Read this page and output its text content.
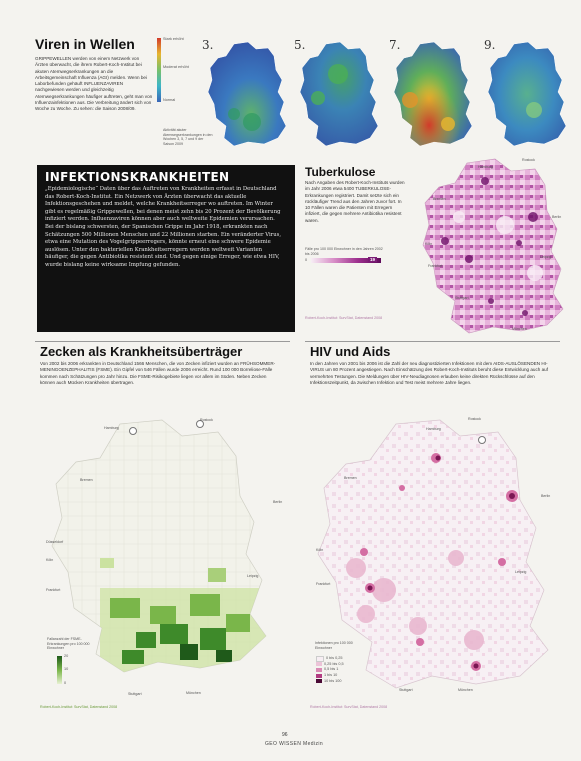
Viren in Wellen
GRIPPEWELLEN werden von einem Netzwerk von Ärzten überwacht, die ihrem Robert-Koch-Institut bei akuten Atemwegserkrankungen an die Arbeitsgemeinschaft Influenza (AGI) melden. Wenn bei Laborbefunden gehäuft INFLUENZAVIREN nachgewiesen werden und gleichzeitig Atemwegserkrankungen häufiger auftreten, geht man von Influenzainfektionen aus. Die Verbreitung ändert sich von Woche zu Woche. Zu sehen: die Saison 2008/09.
Stark erhöht
Moderat erhöht
Normal
Aktivität akuter Atemwegserkrankungen in den Wochen 3, 5, 7 und 9 der Saison 2009
3.	5.	7.	9.
INFEKTIONSKRANKHEITEN
„Epidemiologische“ Daten über das Auftreten von Krankheiten erfasst in Deutschland das Robert-Koch-Institut. Ein Netzwerk von Ärzten überwacht das aktuelle Infektionsgeschehen und meldet, welche Krankheitserreger wo auftreten. Im Winter gibt es regelmäßig Grippewellen, bei denen meist zehn bis 20 Prozent der Bevölkerung infiziert werden. Influenzaviren können aber auch weltweite Epidemien verursachen. Bei der bislang schwersten, der Spanischen Grippe im Jahr 1918, erkrankten nach Schätzungen 500 Millionen Menschen und 22 Millionen starben. Ein veränderter Virus, etwa eine Mutation des Vogelgrippeerregers, könnte erneut eine schwere Epidemie auslösen. Unter den bakteriellen Krankheitserregern werden weltweit Varianten häufiger, die gegen Antibiotika resistent sind. Und gegen einige Erreger, wie etwa HIV, wurde bislang keine wirksame Impfung gefunden.
Tuberkulose
Nach Angaben des Robert-Koch-Instituts wurden im Jahr 2006 etwa 5400 TUBERKULOSE-Erkrankungen registriert. Damit setzte sich ein rückläufiger Trend aus den Jahren zuvor fort. In 10 Fällen waren die Patienten mit Erregern infiziert, die gegen mehrere Antibiotika resistent waren.
Fälle pro 100 000 Einwohner in den Jahren 2002 bis 2006
0	19
Robert-Koch-Institut: SurvStat, Datenstand 2008
Hamburg
Rostock
Bremen
Berlin
Köln
Frankfurt
Leipzig
Stuttgart
München
Zecken als Krankheitsüberträger
Von 2002 bis 2006 erkrankten in Deutschland 1566 Menschen, die von Zecken infiziert wurden an FRÜHSOMMER-MENINGOENZEPHALITIS (FSME). Ein Gipfel von 546 Fällen wurde 2006 erreicht. Rund 100 000 Borreliose-Fälle kommen nach Schätzungen pro Jahr hinzu. Die FSME-Risikogebiete liegen vor allem im Süden. Neben Zecken können auch Mücken Krankheiten übertragen.
Hamburg
Rostock
Bremen
Berlin
Düsseldorf
Köln
Leipzig
Frankfurt
Stuttgart	München
Fallanzahl der FSME-Erkrankungen pro 100 000 Einwohner
0
10
20
Robert-Koch-Institut: SurvStat, Datenstand 2008
HIV und Aids
In den Jahren von 2001 bis 2006 ist die Zahl der neu diagnostizierten Infektionen mit dem AIDS-AUSLÖSENDEN HI-VIRUS um 80 Prozent angestiegen. Nach Einschätzung des Robert-Koch-Instituts beruht diese Entwicklung auch auf vermehrten Testungen. Die Meldungen über HIV-Neudiagnosen erlauben keine direkten Rückschlüsse auf den Infektionszeitpunkt, da zwischen Infektion und Test meist mehrere Jahre liegen.
Hamburg
Rostock
Bremen
Berlin
Köln
Frankfurt
Leipzig
Stuttgart	München
Infektionen pro 100 000 Einwohner
0 bis 0,25
0,25 bis 0,5
0,5 bis 1
1 bis 10
10 bis 100
Robert-Koch-Institut: SurvStat, Datenstand 2008
96
GEO WISSEN Medizin
